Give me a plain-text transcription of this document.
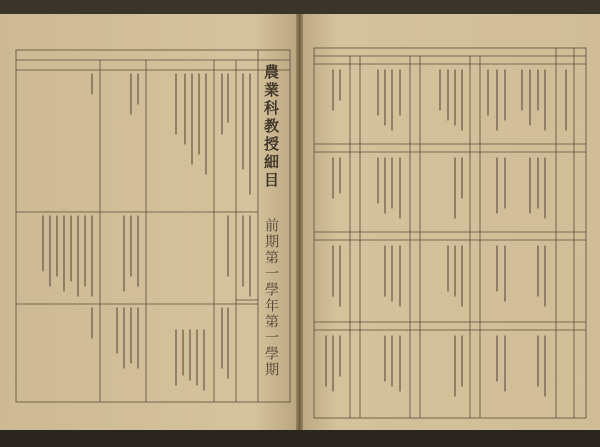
農業科教授細目
前期第一學年第一學期
